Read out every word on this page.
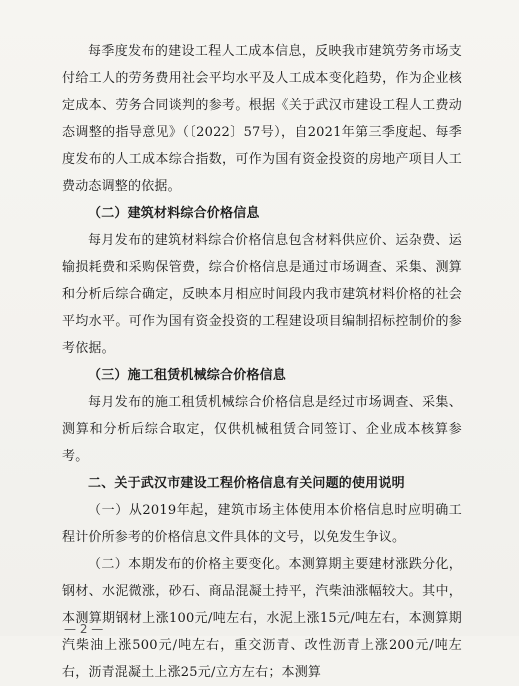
每季度发布的建设工程人工成本信息，反映我市建筑劳务市场支付给工人的劳务费用社会平均水平及人工成本变化趋势，作为企业核定成本、劳务合同谈判的参考。根据《关于武汉市建设工程人工费动态调整的指导意见》（〔2022〕57号），自2021年第三季度起、每季度发布的人工成本综合指数，可作为国有资金投资的房地产项目人工费动态调整的依据。

（二）建筑材料综合价格信息

每月发布的建筑材料综合价格信息包含材料供应价、运杂费、运输损耗费和采购保管费，综合价格信息是通过市场调查、采集、测算和分析后综合确定，反映本月相应时间段内我市建筑材料价格的社会平均水平。可作为国有资金投资的工程建设项目编制招标控制价的参考依据。

（三）施工租赁机械综合价格信息

每月发布的施工租赁机械综合价格信息是经过市场调查、采集、测算和分析后综合取定，仅供机械租赁合同签订、企业成本核算参考。

二、关于武汉市建设工程价格信息有关问题的使用说明

（一）从2019年起，建筑市场主体使用本价格信息时应明确工程计价所参考的价格信息文件具体的文号，以免发生争议。

（二）本期发布的价格主要变化。本测算期主要建材涨跌分化，钢材、水泥微涨，砂石、商品混凝土持平，汽柴油涨幅较大。其中，本测算期钢材上涨100元/吨左右，水泥上涨15元/吨左右，本测算期汽柴油上涨500元/吨左右，重交沥青、改性沥青上涨200元/吨左右，沥青混凝土上涨25元/立方左右；本测算

— 2 —
